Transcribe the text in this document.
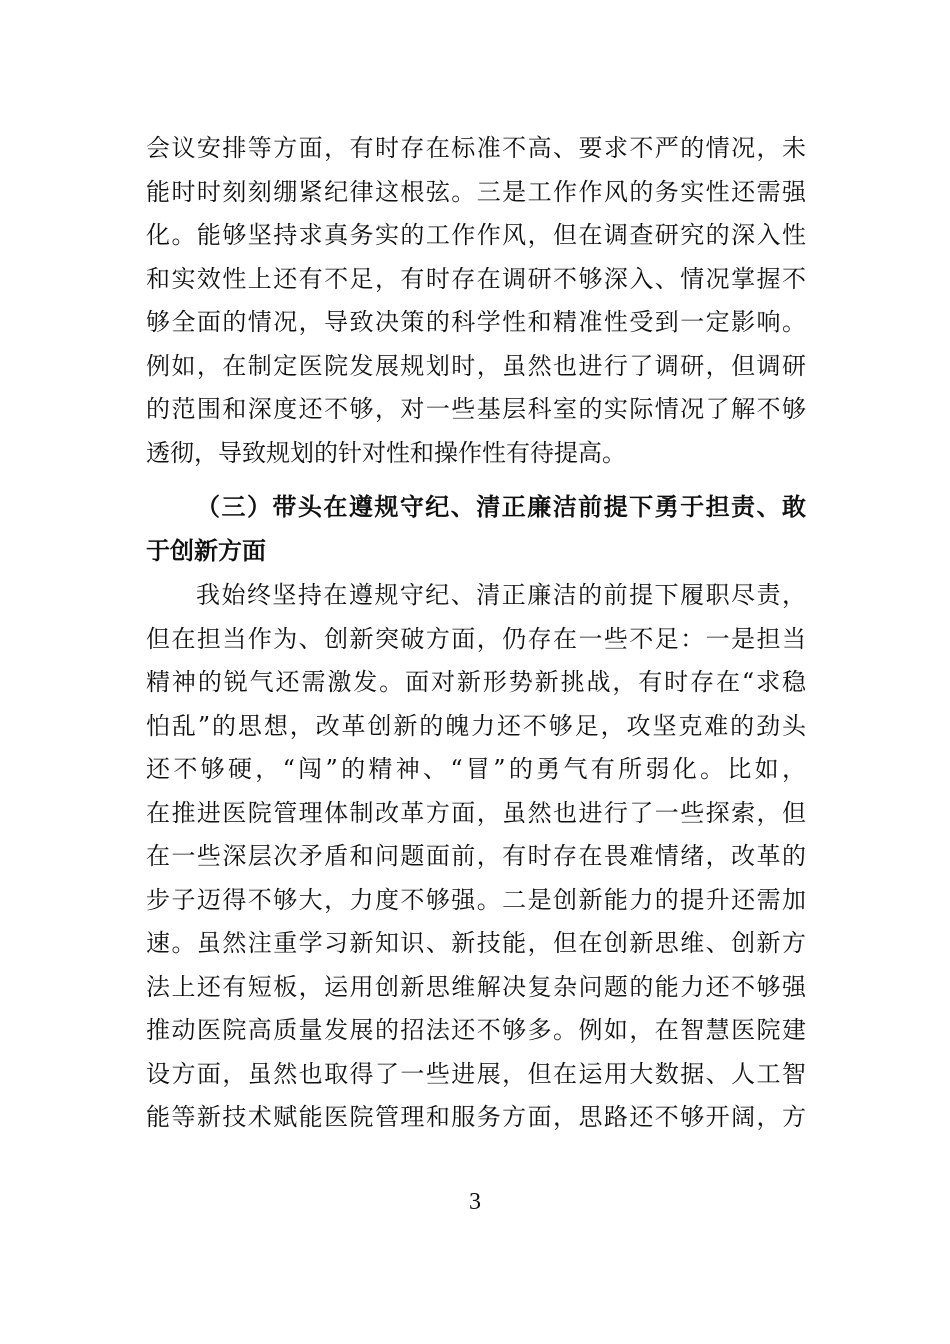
会议安排等方面，有时存在标准不高、要求不严的情况，未
能时时刻刻绷紧纪律这根弦。三是工作作风的务实性还需强
化。能够坚持求真务实的工作作风，但在调查研究的深入性
和实效性上还有不足，有时存在调研不够深入、情况掌握不
够全面的情况，导致决策的科学性和精准性受到一定影响。
例如，在制定医院发展规划时，虽然也进行了调研，但调研
的范围和深度还不够，对一些基层科室的实际情况了解不够
透彻，导致规划的针对性和操作性有待提高。
（三）带头在遵规守纪、清正廉洁前提下勇于担责、敢
于创新方面
我始终坚持在遵规守纪、清正廉洁的前提下履职尽责，
但在担当作为、创新突破方面，仍存在一些不足：一是担当
精神的锐气还需激发。面对新形势新挑战，有时存在“求稳
怕乱”的思想，改革创新的魄力还不够足，攻坚克难的劲头
还不够硬，“闯”的精神、“冒”的勇气有所弱化。比如，
在推进医院管理体制改革方面，虽然也进行了一些探索，但
在一些深层次矛盾和问题面前，有时存在畏难情绪，改革的
步子迈得不够大，力度不够强。二是创新能力的提升还需加
速。虽然注重学习新知识、新技能，但在创新思维、创新方
法上还有短板，运用创新思维解决复杂问题的能力还不够强
推动医院高质量发展的招法还不够多。例如，在智慧医院建
设方面，虽然也取得了一些进展，但在运用大数据、人工智
能等新技术赋能医院管理和服务方面，思路还不够开阔，方
3
